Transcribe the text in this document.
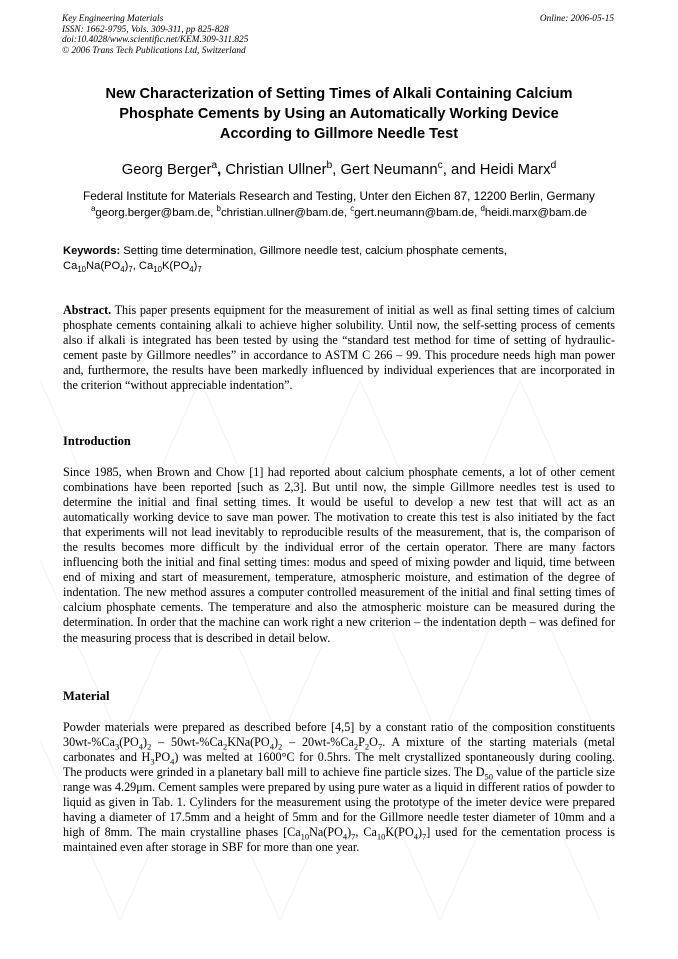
Key Engineering Materials
ISSN: 1662-9795, Vols. 309-311, pp 825-828
doi:10.4028/www.scientific.net/KEM.309-311.825
© 2006 Trans Tech Publications Ltd, Switzerland
Online: 2006-05-15
New Characterization of Setting Times of Alkali Containing Calcium
Phosphate Cements by Using an Automatically Working Device
According to Gillmore Needle Test
Georg Berger$^a$, Christian Ullner$^b$, Gert Neumann$^c$, and Heidi Marx$^d$
Federal Institute for Materials Research and Testing, Unter den Eichen 87, 12200 Berlin, Germany
$^a$georg.berger@bam.de, $^b$christian.ullner@bam.de, $^c$gert.neumann@bam.de, $^d$heidi.marx@bam.de
Keywords: Setting time determination, Gillmore needle test, calcium phosphate cements,
$Ca_{10}Na(PO_4)_7$, $Ca_{10}K(PO_4)_7$
Abstract. This paper presents equipment for the measurement of initial as well as final setting times of calcium phosphate cements containing alkali to achieve higher solubility. Until now, the self-setting process of cements also if alkali is integrated has been tested by using the “standard test method for time of setting of hydraulic-cement paste by Gillmore needles” in accordance to ASTM C 266 – 99. This procedure needs high man power and, furthermore, the results have been markedly influenced by individual experiences that are incorporated in the criterion “without appreciable indentation”.
Introduction
Since 1985, when Brown and Chow [1] had reported about calcium phosphate cements, a lot of other cement combinations have been reported [such as 2,3]. But until now, the simple Gillmore needles test is used to determine the initial and final setting times. It would be useful to develop a new test that will act as an automatically working device to save man power. The motivation to create this test is also initiated by the fact that experiments will not lead inevitably to reproducible results of the measurement, that is, the comparison of the results becomes more difficult by the individual error of the certain operator. There are many factors influencing both the initial and final setting times: modus and speed of mixing powder and liquid, time between end of mixing and start of measurement, temperature, atmospheric moisture, and estimation of the degree of indentation. The new method assures a computer controlled measurement of the initial and final setting times of calcium phosphate cements. The temperature and also the atmospheric moisture can be measured during the determination. In order that the machine can work right a new criterion – the indentation depth – was defined for the measuring process that is described in detail below.
Material
Powder materials were prepared as described before [4,5] by a constant ratio of the composition constituents $30wt-\%Ca_3(PO_4)_2 - 50wt-\%Ca_2KNa(PO_4)_2 - 20wt-\%Ca_2P_2O_7$. A mixture of the starting materials (metal carbonates and $H_3PO_4$) was melted at 1600°C for 0.5hrs. The melt crystallized spontaneously during cooling. The products were grinded in a planetary ball mill to achieve fine particle sizes. The $D_{50}$ value of the particle size range was 4.29μm. Cement samples were prepared by using pure water as a liquid in different ratios of powder to liquid as given in Tab. 1. Cylinders for the measurement using the prototype of the imeter device were prepared having a diameter of 17.5mm and a height of 5mm and for the Gillmore needle tester diameter of 10mm and a high of 8mm. The main crystalline phases [$Ca_{10}Na(PO_4)_7$, $Ca_{10}K(PO_4)_7$] used for the cementation process is maintained even after storage in SBF for more than one year.
